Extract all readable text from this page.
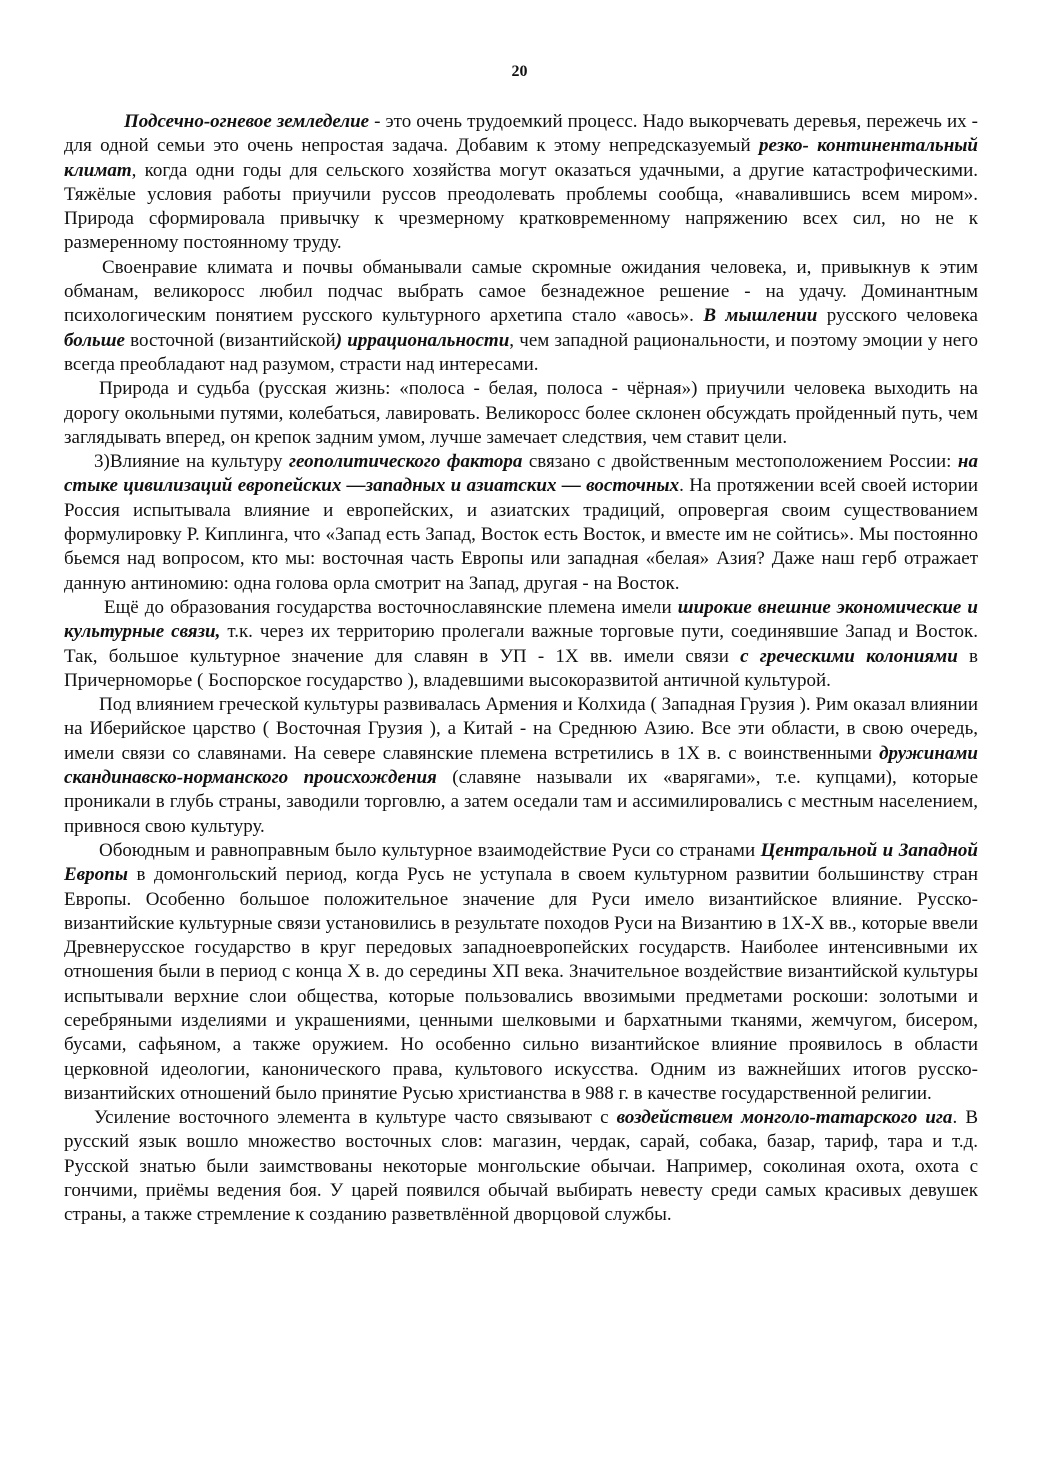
20

Подсечно-огневое земледелие - это очень трудоемкий процесс. Надо выкорчевать деревья, пережечь их - для одной семьи это очень непростая задача. Добавим к этому непредсказуемый резко- континентальный климат, когда одни годы для сельского хозяйства могут оказаться удачными, а другие катастрофическими. Тяжёлые условия работы приучили руссов преодолевать проблемы сообща, «навалившись всем миром». Природа сформировала привычку к чрезмерному кратковременному напряжению всех сил, но не к размеренному постоянному труду.

Своенравие климата и почвы обманывали самые скромные ожидания человека, и, привыкнув к этим обманам, великоросс любил подчас выбрать самое безнадежное решение - на удачу. Доминантным психологическим понятием русского культурного архетипа стало «авось». В мышлении русского человека больше восточной (византийской) иррациональности, чем западной рациональности, и поэтому эмоции у него всегда преобладают над разумом, страсти над интересами.

Природа и судьба (русская жизнь: «полоса - белая, полоса - чёрная») приучили человека выходить на дорогу окольными путями, колебаться, лавировать. Великоросс более склонен обсуждать пройденный путь, чем заглядывать вперед, он крепок задним умом, лучше замечает следствия, чем ставит цели.

3)Влияние на культуру геополитического фактора связано с двойственным местоположением России: на стыке цивилизаций европейских —западных и азиатских — восточных. На протяжении всей своей истории Россия испытывала влияние и европейских, и азиатских традиций, опровергая своим существованием формулировку Р. Киплинга, что «Запад есть Запад, Восток есть Восток, и вместе им не сойтись». Мы постоянно бьемся над вопросом, кто мы: восточная часть Европы или западная «белая» Азия? Даже наш герб отражает данную антиномию: одна голова орла смотрит на Запад, другая - на Восток.

Ещё до образования государства восточнославянские племена имели широкие внешние экономические и культурные связи, т.к. через их территорию пролегали важные торговые пути, соединявшие Запад и Восток. Так, большое культурное значение для славян в УП - 1Х вв. имели связи с греческими колониями в Причерноморье ( Боспорское государство ), владевшими высокоразвитой античной культурой.

Под влиянием греческой культуры развивалась Армения и Колхида ( Западная Грузия ). Рим оказал влиянии на Иберийское царство ( Восточная Грузия ), а Китай - на Среднюю Азию. Все эти области, в свою очередь, имели связи со славянами. На севере славянские племена встретились в 1Х в. с воинственными дружинами скандинавско-норманского происхождения (славяне называли их «варягами», т.е. купцами), которые проникали в глубь страны, заводили торговлю, а затем оседали там и ассимилировались с местным населением, привнося свою культуру.

Обоюдным и равноправным было культурное взаимодействие Руси со странами Центральной и Западной Европы в домонгольский период, когда Русь не уступала в своем культурном развитии большинству стран Европы. Особенно большое положительное значение для Руси имело византийское влияние. Русско-византийские культурные связи установились в результате походов Руси на Византию в 1Х-Х вв., которые ввели Древнерусское государство в круг передовых западноевропейских государств. Наиболее интенсивными их отношения были в период с конца Х в. до середины ХП века. Значительное воздействие византийской культуры испытывали верхние слои общества, которые пользовались ввозимыми предметами роскоши: золотыми и серебряными изделиями и украшениями, ценными шелковыми и бархатными тканями, жемчугом, бисером, бусами, сафьяном, а также оружием. Но особенно сильно византийское влияние проявилось в области церковной идеологии, канонического права, культового искусства. Одним из важнейших итогов русско-византийских отношений было принятие Русью христианства в 988 г. в качестве государственной религии.

Усиление восточного элемента в культуре часто связывают с воздействием монголо-татарского ига. В русский язык вошло множество восточных слов: магазин, чердак, сарай, собака, базар, тариф, тара и т.д. Русской знатью были заимствованы некоторые монгольские обычаи. Например, соколиная охота, охота с гончими, приёмы ведения боя. У царей появился обычай выбирать невесту среди самых красивых девушек страны, а также стремление к созданию разветвлённой дворцовой службы.
